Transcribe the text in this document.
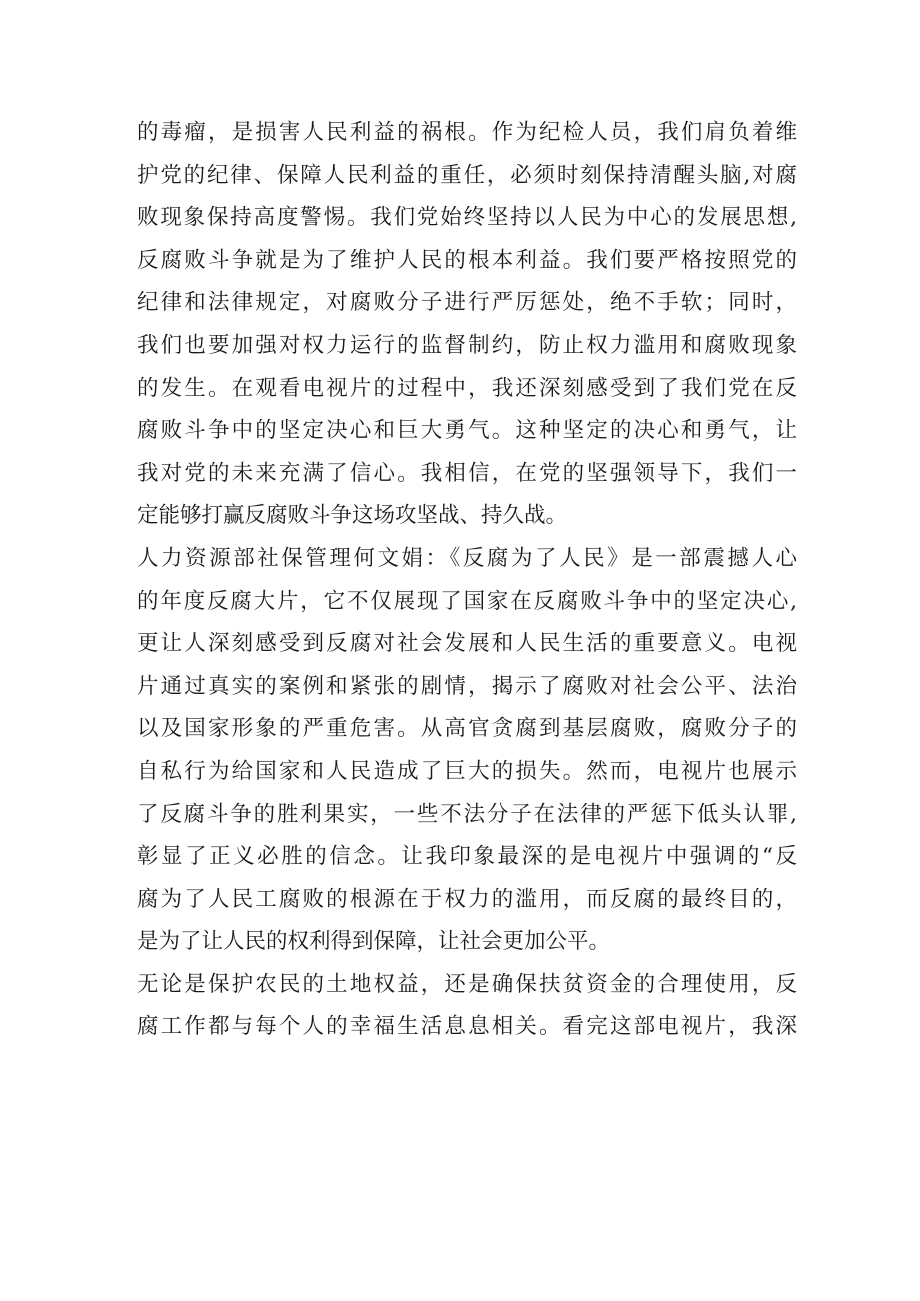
的毒瘤，是损害人民利益的祸根。作为纪检人员，我们肩负着维
护党的纪律、保障人民利益的重任，必须时刻保持清醒头脑,对腐
败现象保持高度警惕。我们党始终坚持以人民为中心的发展思想,
反腐败斗争就是为了维护人民的根本利益。我们要严格按照党的
纪律和法律规定，对腐败分子进行严厉惩处，绝不手软；同时，
我们也要加强对权力运行的监督制约，防止权力滥用和腐败现象
的发生。在观看电视片的过程中，我还深刻感受到了我们党在反
腐败斗争中的坚定决心和巨大勇气。这种坚定的决心和勇气，让
我对党的未来充满了信心。我相信，在党的坚强领导下，我们一
定能够打赢反腐败斗争这场攻坚战、持久战。
人力资源部社保管理何文娟：《反腐为了人民》是一部震撼人心
的年度反腐大片，它不仅展现了国家在反腐败斗争中的坚定决心,
更让人深刻感受到反腐对社会发展和人民生活的重要意义。电视
片通过真实的案例和紧张的剧情，揭示了腐败对社会公平、法治
以及国家形象的严重危害。从高官贪腐到基层腐败，腐败分子的
自私行为给国家和人民造成了巨大的损失。然而，电视片也展示
了反腐斗争的胜利果实，一些不法分子在法律的严惩下低头认罪,
彰显了正义必胜的信念。让我印象最深的是电视片中强调的“反
腐为了人民工腐败的根源在于权力的滥用，而反腐的最终目的，
是为了让人民的权利得到保障，让社会更加公平。
无论是保护农民的土地权益，还是确保扶贫资金的合理使用，反
腐工作都与每个人的幸福生活息息相关。看完这部电视片，我深
